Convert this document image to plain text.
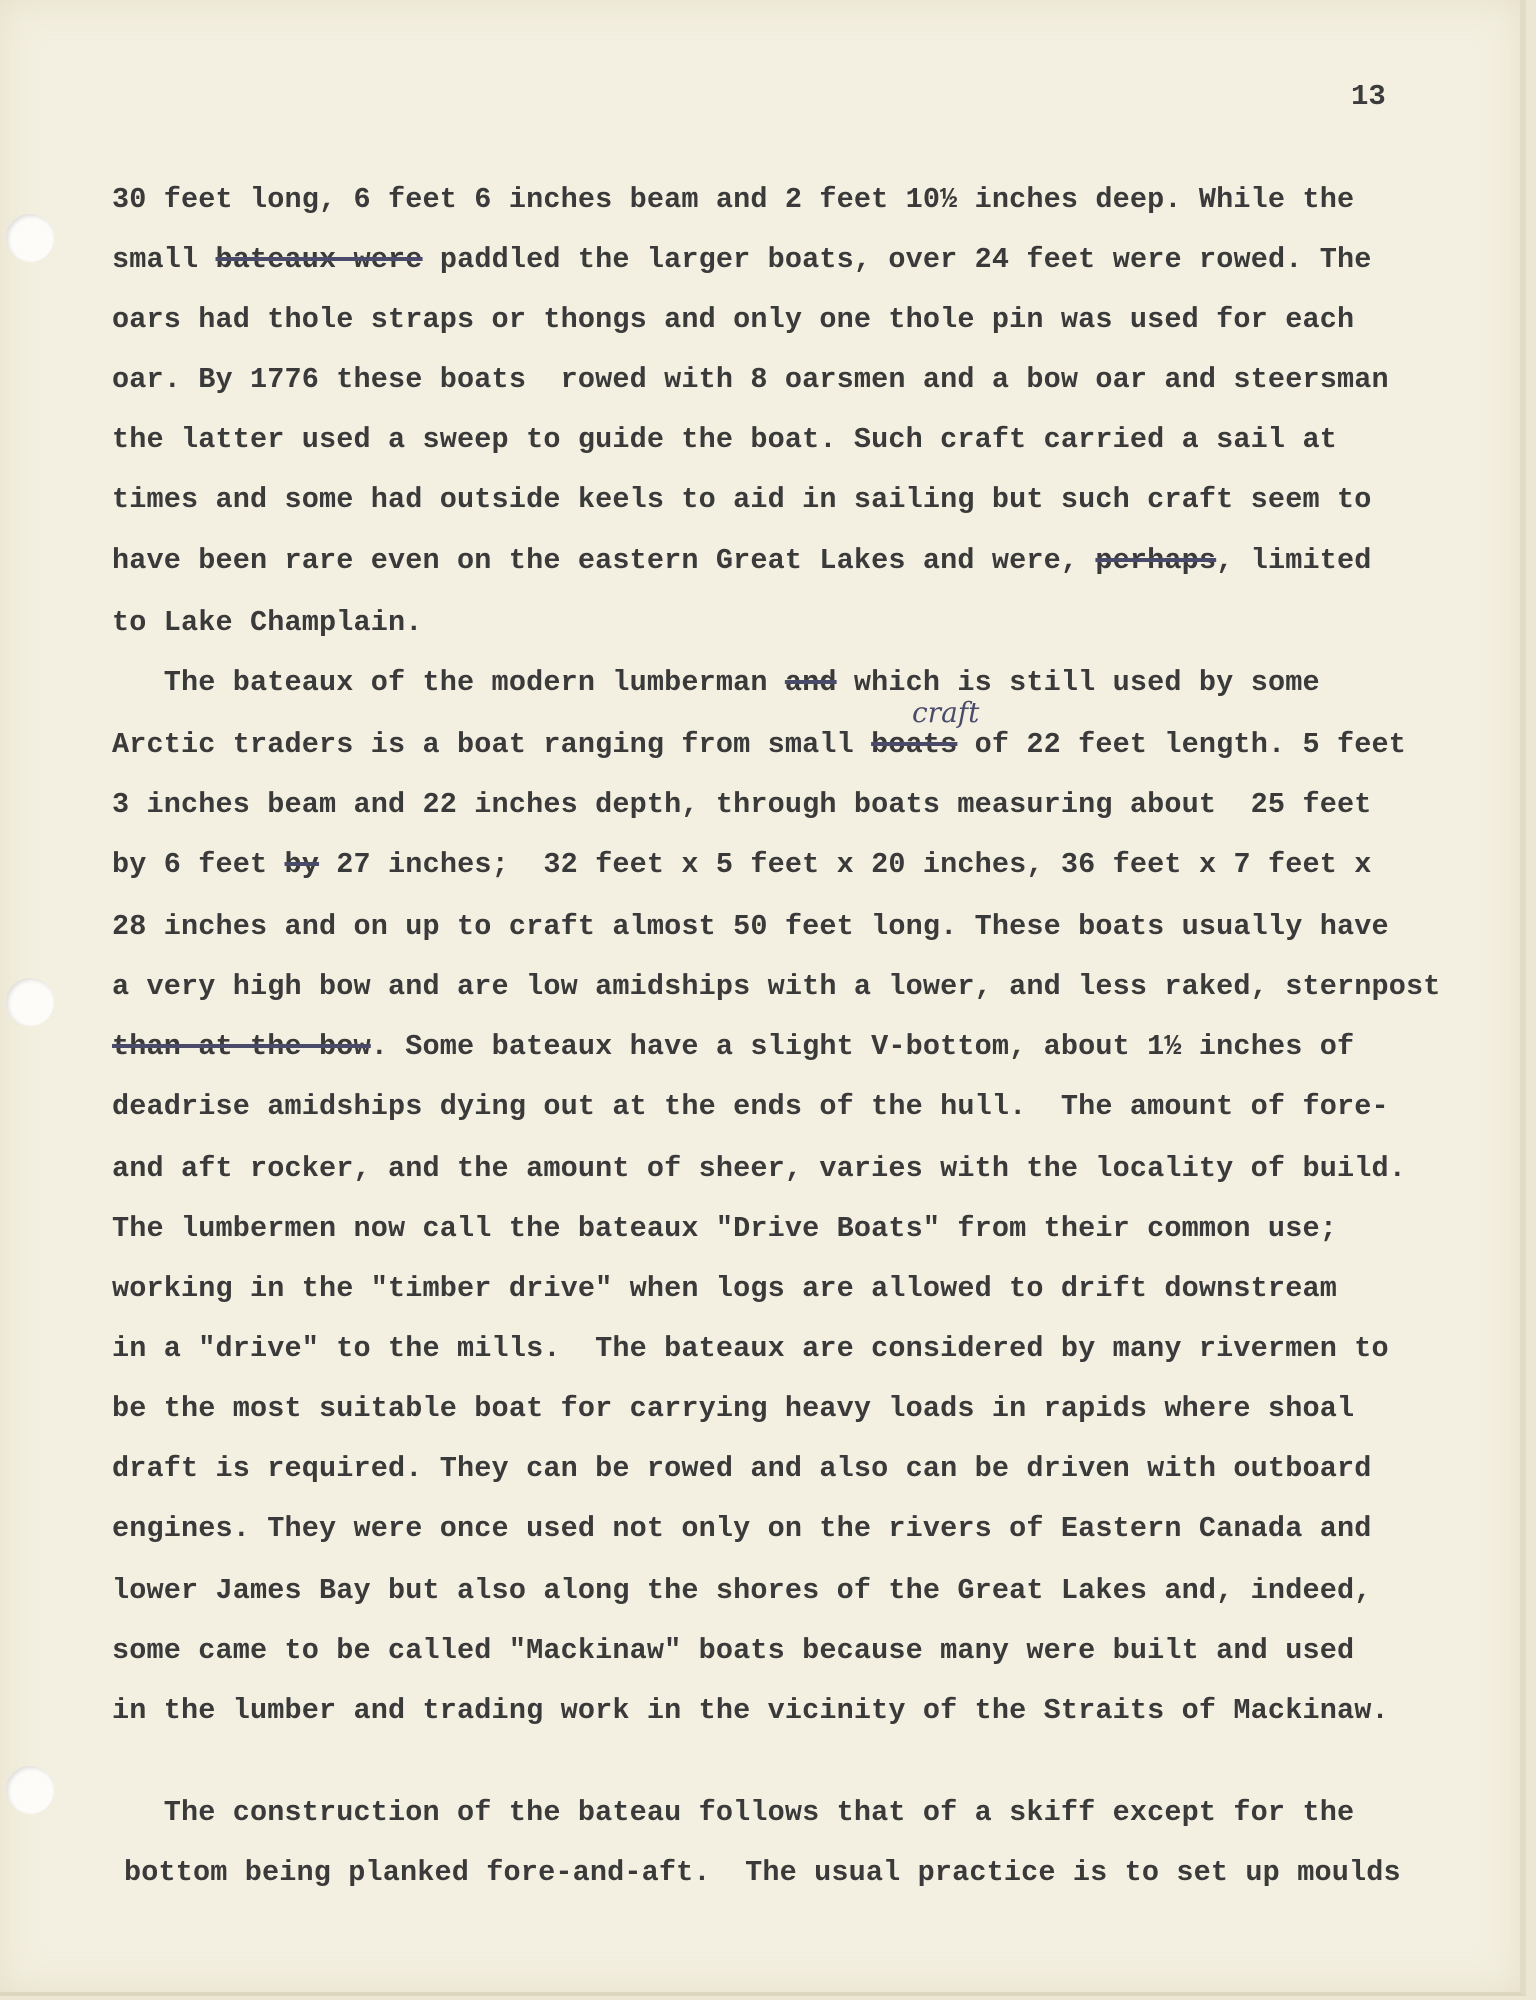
13
30 feet long, 6 feet 6 inches beam and 2 feet 10½ inches deep. While the
small bateaux were paddled the larger boats, over 24 feet were rowed. The
oars had thole straps or thongs and only one thole pin was used for each
oar. By 1776 these boats  rowed with 8 oarsmen and a bow oar and steersman
the latter used a sweep to guide the boat. Such craft carried a sail at
times and some had outside keels to aid in sailing but such craft seem to
have been rare even on the eastern Great Lakes and were, perhaps, limited
to Lake Champlain.
The bateaux of the modern lumberman and which is still used by some
Arctic traders is a boat ranging from small boats of 22 feet length. 5 feet
3 inches beam and 22 inches depth, through boats measuring about  25 feet
by 6 feet by 27 inches;  32 feet x 5 feet x 20 inches, 36 feet x 7 feet x
28 inches and on up to craft almost 50 feet long. These boats usually have
a very high bow and are low amidships with a lower, and less raked, sternpost
than at the bow. Some bateaux have a slight V-bottom, about 1½ inches of
deadrise amidships dying out at the ends of the hull.  The amount of fore-
and aft rocker, and the amount of sheer, varies with the locality of build.
The lumbermen now call the bateaux "Drive Boats" from their common use;
working in the "timber drive" when logs are allowed to drift downstream
in a "drive" to the mills.  The bateaux are considered by many rivermen to
be the most suitable boat for carrying heavy loads in rapids where shoal
draft is required. They can be rowed and also can be driven with outboard
engines. They were once used not only on the rivers of Eastern Canada and
lower James Bay but also along the shores of the Great Lakes and, indeed,
some came to be called "Mackinaw" boats because many were built and used
in the lumber and trading work in the vicinity of the Straits of Mackinaw.
The construction of the bateau follows that of a skiff except for the
bottom being planked fore-and-aft.  The usual practice is to set up moulds
craft
